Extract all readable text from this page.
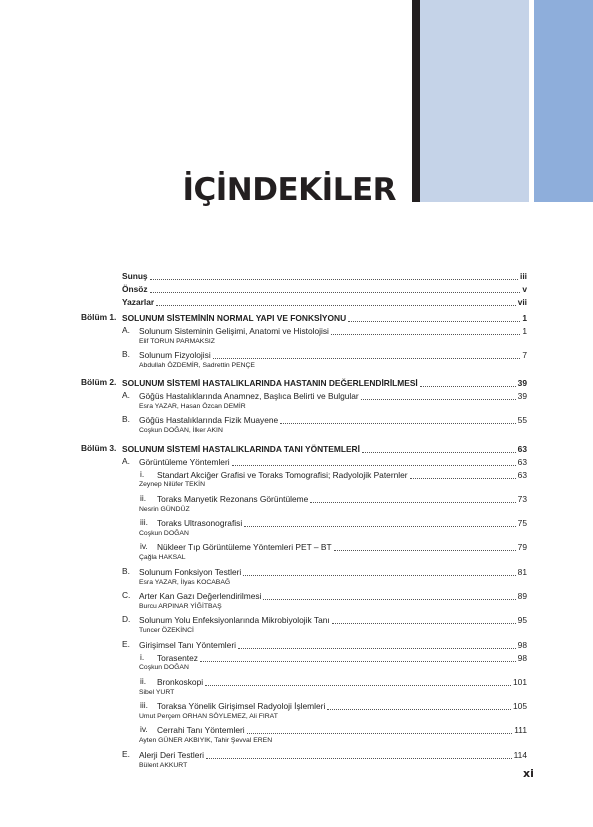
İÇİNDEKİLER
Sunuş	iii
Önsöz	v
Yazarlar	vii
Bölüm 1. SOLUNUM SİSTEMİNİN NORMAL YAPI VE FONKSİYONU	1
A. Solunum Sisteminin Gelişimi, Anatomi ve Histolojisi	1
Elif TORUN PARMAKSIZ
B. Solunum Fizyolojisi	7
Abdullah ÖZDEMİR, Sadrettin PENÇE
Bölüm 2. SOLUNUM SİSTEMİ HASTALIKLARINDA HASTANIN DEĞERLENDİRİLMESİ	39
A. Göğüs Hastalıklarında Anamnez, Başlıca Belirti ve Bulgular	39
Esra YAZAR, Hasan Özcan DEMİR
B. Göğüs Hastalıklarında Fizik Muayene	55
Coşkun DOĞAN, İlker AKIN
Bölüm 3. SOLUNUM SİSTEMİ HASTALIKLARINDA TANI YÖNTEMLERİ	63
A. Görüntüleme Yöntemleri	63
i. Standart Akciğer Grafisi ve Toraks Tomografisi; Radyolojik Paternler	63
Zeynep Nilüfer TEKİN
ii. Toraks Manyetik Rezonans Görüntüleme	73
Nesrin GÜNDÜZ
iii. Toraks Ultrasonografisi	75
Coşkun DOĞAN
iv. Nükleer Tıp Görüntüleme Yöntemleri PET – BT	79
Çağla HAKSAL
B. Solunum Fonksiyon Testleri	81
Esra YAZAR, İlyas KOCABAĞ
C. Arter Kan Gazı Değerlendirilmesi	89
Burcu ARPINAR YİĞİTBAŞ
D. Solunum Yolu Enfeksiyonlarında Mikrobiyolojik Tanı	95
Tuncer ÖZEKİNCİ
E. Girişimsel Tanı Yöntemleri	98
i. Torasentez	98
Coşkun DOĞAN
ii. Bronkoskopi	101
Sibel YURT
iii. Toraksa Yönelik Girişimsel Radyoloji İşlemleri	105
Umut Perçem ORHAN SÖYLEMEZ, Ali FIRAT
iv. Cerrahi Tanı Yöntemleri	111
Ayten GÜNER AKBIYIK, Tahir Şevval EREN
E. Alerji Deri Testleri	114
Bülent AKKURT
xi
